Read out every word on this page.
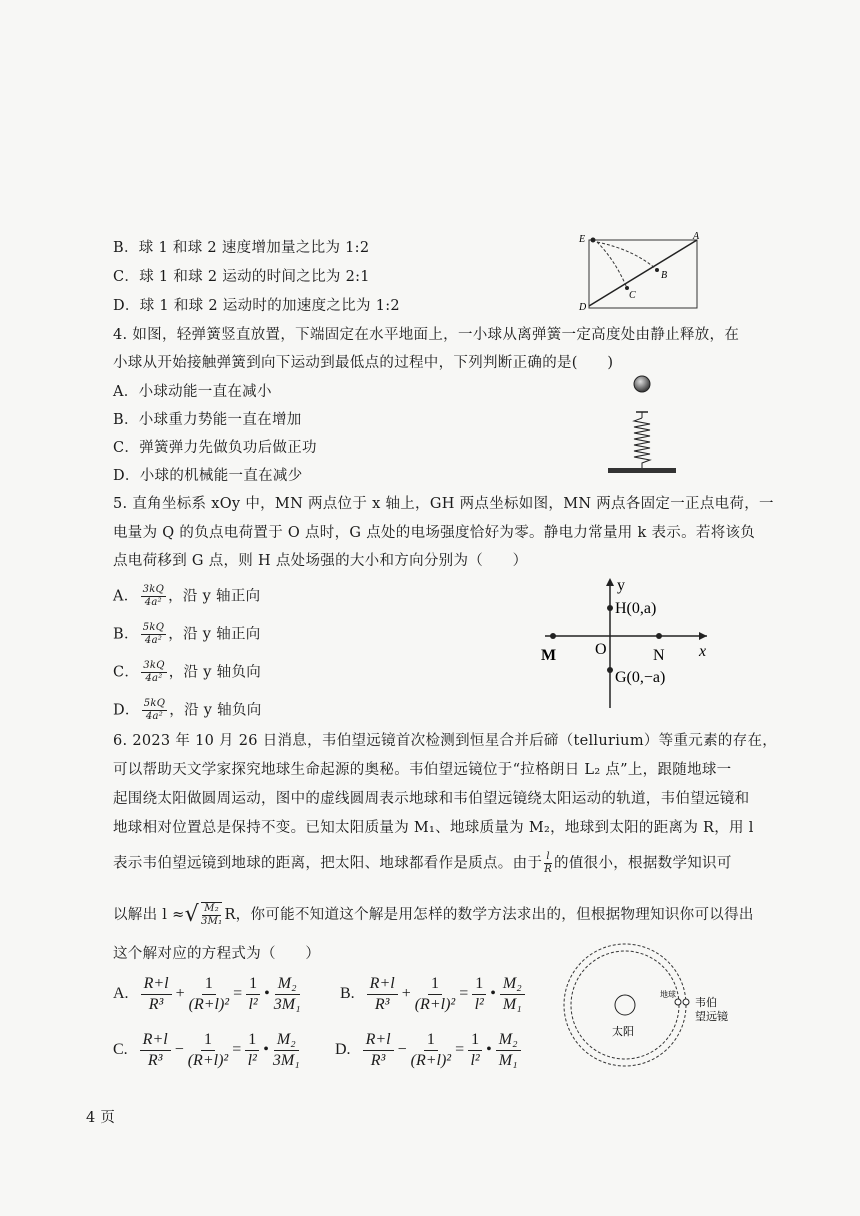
B．球 1 和球 2 速度增加量之比为 1:2
C．球 1 和球 2 运动的时间之比为 2:1
D．球 1 和球 2 运动时的加速度之比为 1:2
E	A
B
C
D
4. 如图，轻弹簧竖直放置，下端固定在水平地面上，一小球从离弹簧一定高度处由静止释放，在
小球从开始接触弹簧到向下运动到最低点的过程中，下列判断正确的是(　　)
A．小球动能一直在减小
B．小球重力势能一直在增加
C．弹簧弹力先做负功后做正功
D．小球的机械能一直在减少
5. 直角坐标系 xOy 中，MN 两点位于 x 轴上，GH 两点坐标如图，MN 两点各固定一正点电荷，一
电量为 Q 的负点电荷置于 O 点时，G 点处的电场强度恰好为零。静电力常量用 k 表示。若将该负
点电荷移到 G 点，则 H 点处场强的大小和方向分别为（　　）
A． $\frac{3kQ}{\text{4a²}}$ ，沿 y 轴正向
B． $\frac{5kQ}{\text{4a²}}$ ，沿 y 轴正向
C． $\frac{3kQ}{\text{4a²}}$ ，沿 y 轴负向
D． $\frac{5kQ}{\text{4a²}}$ ，沿 y 轴负向
y
H(0,a)
M O	N x
G(0,−a)
6. 2023 年 10 月 26 日消息，韦伯望远镜首次检测到恒星合并后碲（tellurium）等重元素的存在，
可以帮助天文学家探究地球生命起源的奥秘。韦伯望远镜位于“拉格朗日 L₂ 点”上，跟随地球一
起围绕太阳做圆周运动，图中的虚线圆周表示地球和韦伯望远镜绕太阳运动的轨道，韦伯望远镜和
地球相对位置总是保持不变。已知太阳质量为 M₁、地球质量为 M₂，地球到太阳的距离为 R，用 l
表示韦伯望远镜到地球的距离，把太阳、地球都看作是质点。由于 $\frac{l}{R}$ 的值很小，根据数学知识可
以解出 l ≈√ $\frac{\text{M₂}}{\text{3M₁}}$ R，你可能不知道这个解是用怎样的数学方法求出的，但根据物理知识你可以得出
这个解对应的方程式为（　　）
A. $\frac{R+l}{\text{R³}} + \frac{1}{\text{(R+l)²}} = \frac{1}{\text{l²}}$ • $\frac{\text{M₂}}{\text{3M₁}} B$. $\frac{R+l}{\text{R³}} + \frac{1}{\text{(R+l)²}} = \frac{1}{\text{l²}}$ • $\frac{\text{M₂}}{\text{M₁}}$
C. $\frac{R+l}{\text{R³}} - \frac{1}{\text{(R+l)²}} = \frac{1}{\text{l²}}$ • $\frac{\text{M₂}}{\text{3M₁}} D$. $\frac{R+l}{\text{R³}} - \frac{1}{\text{(R+l)²}} = \frac{1}{\text{l²}}$ • $\frac{\text{M₂}}{\text{M₁}}$	太阳
地球
韦伯
望远镜
4 页
